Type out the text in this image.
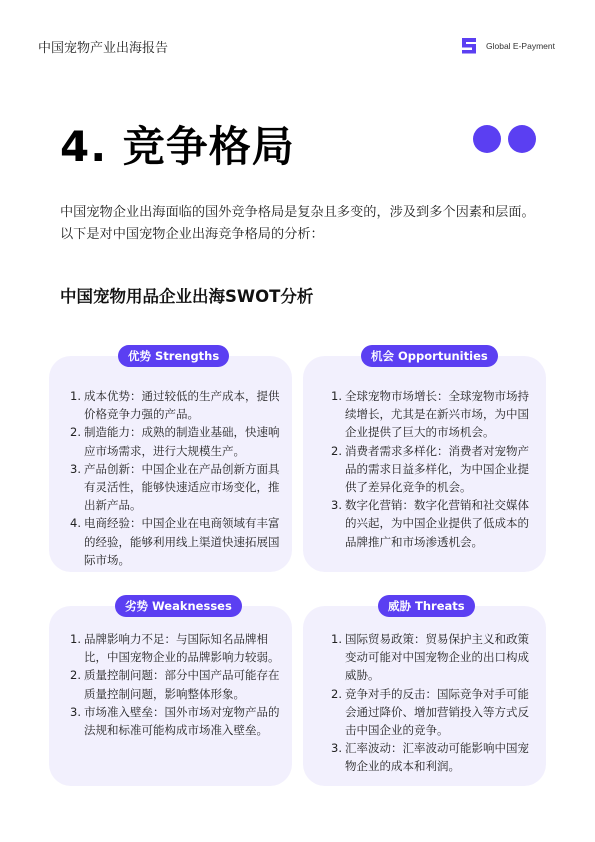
中国宠物产业出海报告	Global E-Payment
4. 竞争格局
中国宠物企业出海面临的国外竞争格局是复杂且多变的，涉及到多个因素和层面。以下是对中国宠物企业出海竞争格局的分析：
中国宠物用品企业出海SWOT分析
优势 Strengths
1. 成本优势：通过较低的生产成本，提供价格竞争力强的产品。
2. 制造能力：成熟的制造业基础，快速响应市场需求，进行大规模生产。
3. 产品创新：中国企业在产品创新方面具有灵活性，能够快速适应市场变化，推出新产品。
4. 电商经验：中国企业在电商领域有丰富的经验，能够利用线上渠道快速拓展国际市场。
机会 Opportunities
1. 全球宠物市场增长：全球宠物市场持续增长，尤其是在新兴市场，为中国企业提供了巨大的市场机会。
2. 消费者需求多样化：消费者对宠物产品的需求日益多样化，为中国企业提供了差异化竞争的机会。
3. 数字化营销：数字化营销和社交媒体的兴起，为中国企业提供了低成本的品牌推广和市场渗透机会。
劣势 Weaknesses
1. 品牌影响力不足：与国际知名品牌相比，中国宠物企业的品牌影响力较弱。
2. 质量控制问题：部分中国产品可能存在质量控制问题，影响整体形象。
3. 市场准入壁垒：国外市场对宠物产品的法规和标准可能构成市场准入壁垒。
威胁 Threats
1. 国际贸易政策：贸易保护主义和政策变动可能对中国宠物企业的出口构成威胁。
2. 竞争对手的反击：国际竞争对手可能会通过降价、增加营销投入等方式反击中国企业的竞争。
3. 汇率波动：汇率波动可能影响中国宠物企业的成本和利润。
